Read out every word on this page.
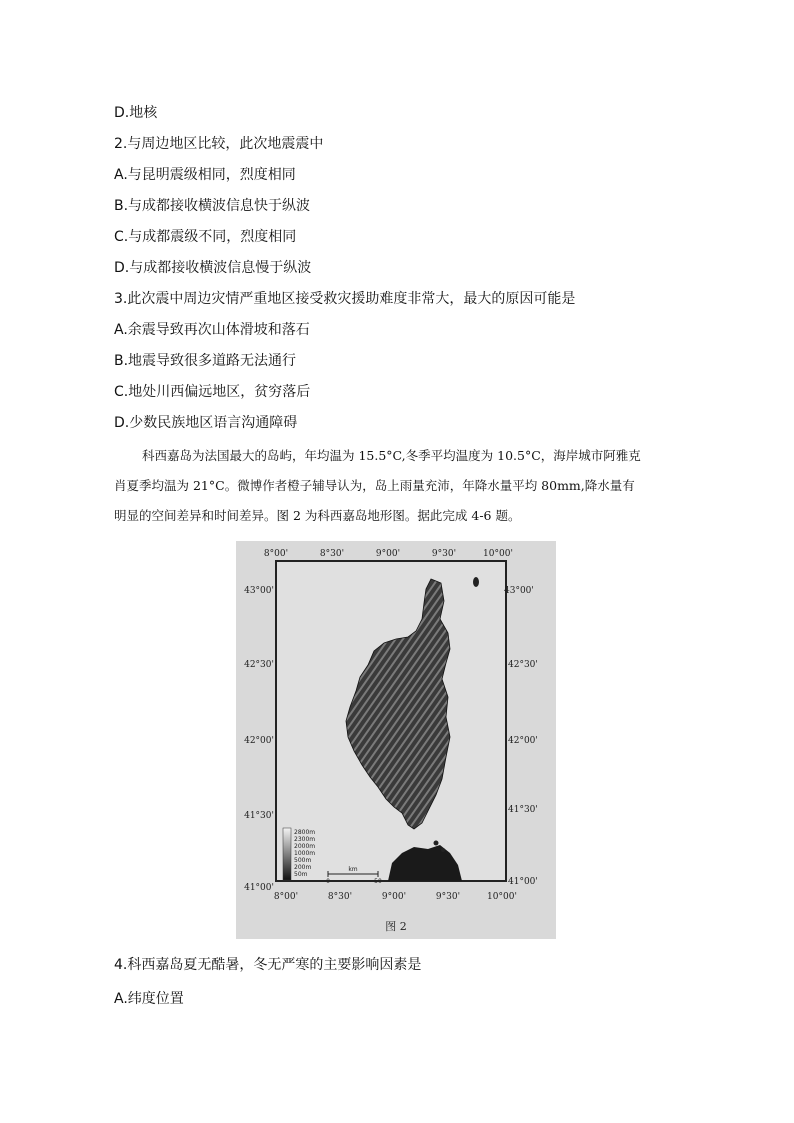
D.地核
2.与周边地区比较，此次地震震中
A.与昆明震级相同，烈度相同
B.与成都接收横波信息快于纵波
C.与成都震级不同，烈度相同
D.与成都接收横波信息慢于纵波
3.此次震中周边灾情严重地区接受救灾援助难度非常大，最大的原因可能是
A.余震导致再次山体滑坡和落石
B.地震导致很多道路无法通行
C.地处川西偏远地区，贫穷落后
D.少数民族地区语言沟通障碍
科西嘉岛为法国最大的岛屿，年均温为 15.5°C,冬季平均温度为 10.5°C，海岸城市阿雅克
肖夏季均温为 21°C。微博作者橙子辅导认为，岛上雨量充沛，年降水量平均 80mm,降水量有
明显的空间差异和时间差异。图 2 为科西嘉岛地形图。据此完成 4-6 题。
8°00'	8°30'	9°00'	9°30'	10°00'
8°00'	8°30'	9°00'	9°30'	10°00'
43°00'
42°30'
42°00'
41°30'
41°00'
43°00'
42°30'
42°00'
41°30'
41°00'
2800m
2300m
2000m
1000m
500m
200m
50m
km
0	50
图 2
4.科西嘉岛夏无酷暑，冬无严寒的主要影响因素是
A.纬度位置
